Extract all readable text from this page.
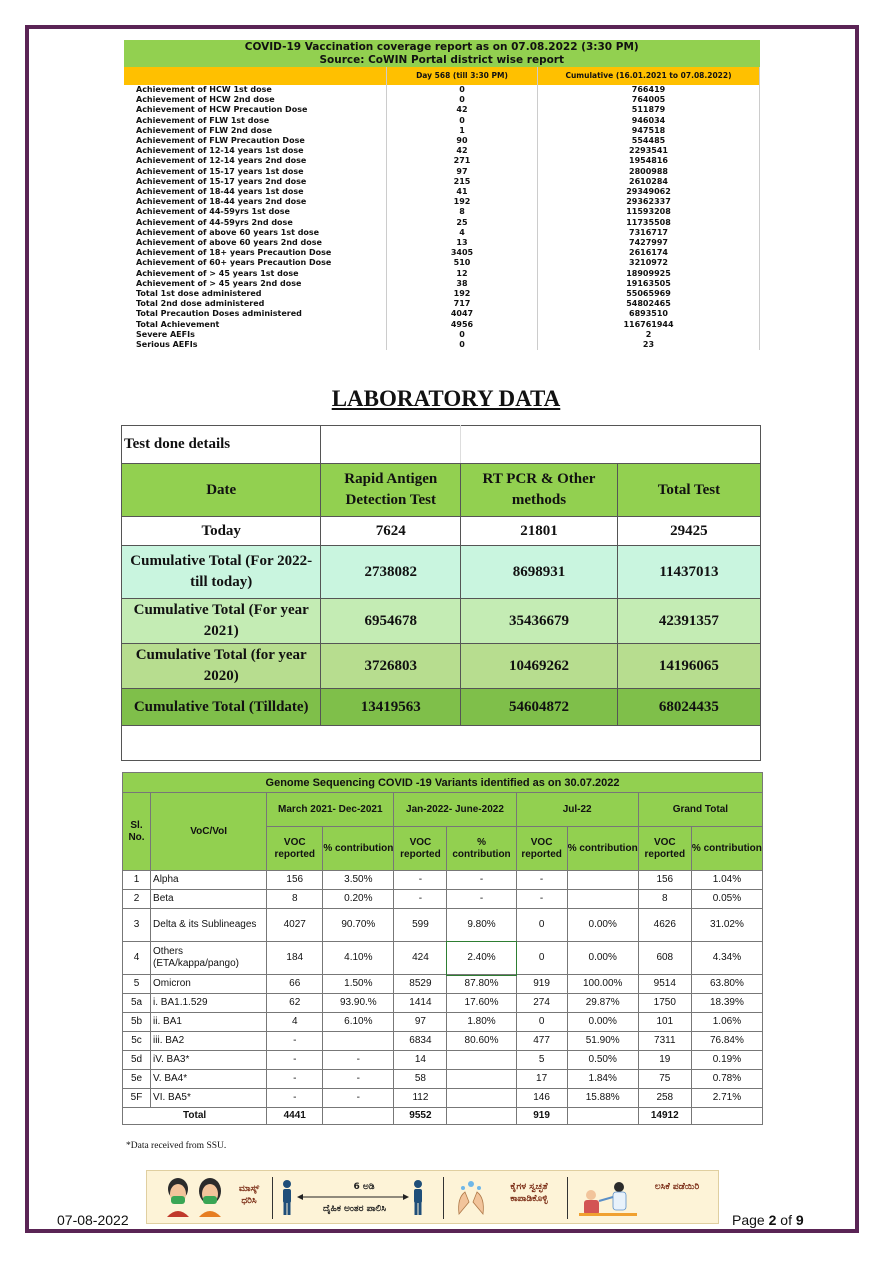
COVID-19 Vaccination coverage report as on 07.08.2022 (3:30 PM)
Source: CoWIN Portal district wise report		

	Day 568 (till 3:30 PM)	Cumulative (16.01.2021 to 07.08.2022)
Achievement of HCW 1st dose	0	766419
Achievement of HCW 2nd dose	0	764005
Achievement of HCW Precaution Dose	42	511879
Achievement of FLW 1st dose	0	946034
Achievement of FLW 2nd dose	1	947518
Achievement of FLW Precaution Dose	90	554485
Achievement of 12-14 years 1st dose	42	2293541
Achievement of 12-14 years 2nd dose	271	1954816
Achievement of 15-17 years 1st dose	97	2800988
Achievement of 15-17 years 2nd dose	215	2610284
Achievement of 18-44 years 1st dose	41	29349062
Achievement of 18-44 years 2nd dose	192	29362337
Achievement of 44-59yrs 1st dose	8	11593208
Achievement of 44-59yrs 2nd dose	25	11735508
Achievement of above 60 years 1st dose	4	7316717
Achievement of above 60 years 2nd dose	13	7427997
Achievement of 18+ years Precaution Dose	3405	2616174
Achievement of 60+ years Precaution Dose	510	3210972
Achievement of > 45 years 1st dose	12	18909925
Achievement of > 45 years 2nd dose	38	19163505
Total 1st dose administered	192	55065969
Total 2nd dose administered	717	54802465
Total Precaution Doses administered	4047	6893510
Total Achievement	4956	116761944
Severe AEFIs	0	2
Serious AEFIs	0	23
LABORATORY DATA
Test done details			
Date	Rapid Antigen Detection Test	RT PCR & Other methods	Total Test
Today	7624	21801	29425
Cumulative Total (For 2022- till today)	2738082	8698931	11437013
Cumulative Total (For year 2021)	6954678	35436679	42391357
Cumulative Total (for year 2020)	3726803	10469262	14196065
Cumulative Total (Tilldate)	13419563	54604872	68024435

Genome Sequencing COVID -19 Variants identified as on 30.07.2022									
Sl. No.	VoC/VoI	March 2021- Dec-2021		Jan-2022- June-2022		Jul-22		Grand Total	
		VOC reported	% contribution	VOC reported	% contribution	VOC reported	% contribution	VOC reported	% contribution
1	Alpha	156	3.50%	-	-	-		156	1.04%
2	Beta	8	0.20%	-	-	-		8	0.05%
3	Delta & its Sublineages	4027	90.70%	599	9.80%	0	0.00%	4626	31.02%
4	Others (ETA/kappa/pango)	184	4.10%	424	2.40%	0	0.00%	608	4.34%
5	Omicron	66	1.50%	8529	87.80%	919	100.00%	9514	63.80%
5a	i. BA1.1.529	62	93.90.%	1414	17.60%	274	29.87%	1750	18.39%
5b	ii. BA1	4	6.10%	97	1.80%	0	0.00%	101	1.06%
5c	iii. BA2	-		6834	80.60%	477	51.90%	7311	76.84%
5d	iV. BA3*	-	-	14		5	0.50%	19	0.19%
5e	V. BA4*	-	-	58		17	1.84%	75	0.78%
5F	VI. BA5*	-	-	112		146	15.88%	258	2.71%
Total		4441		9552		919		14912	
*Data received from SSU.
ಮಾಸ್ಕ್ ಧರಿಸಿ
6 ಅಡಿ
ದೈಹಿಕ ಅಂತರ ಪಾಲಿಸಿ
ಕೈಗಳ ಸ್ವಚ್ಛತೆ ಕಾಪಾಡಿಕೊಳ್ಳಿ
ಲಸಿಕೆ ಪಡೆಯಿರಿ
07-08-2022	Page 2 of 9
